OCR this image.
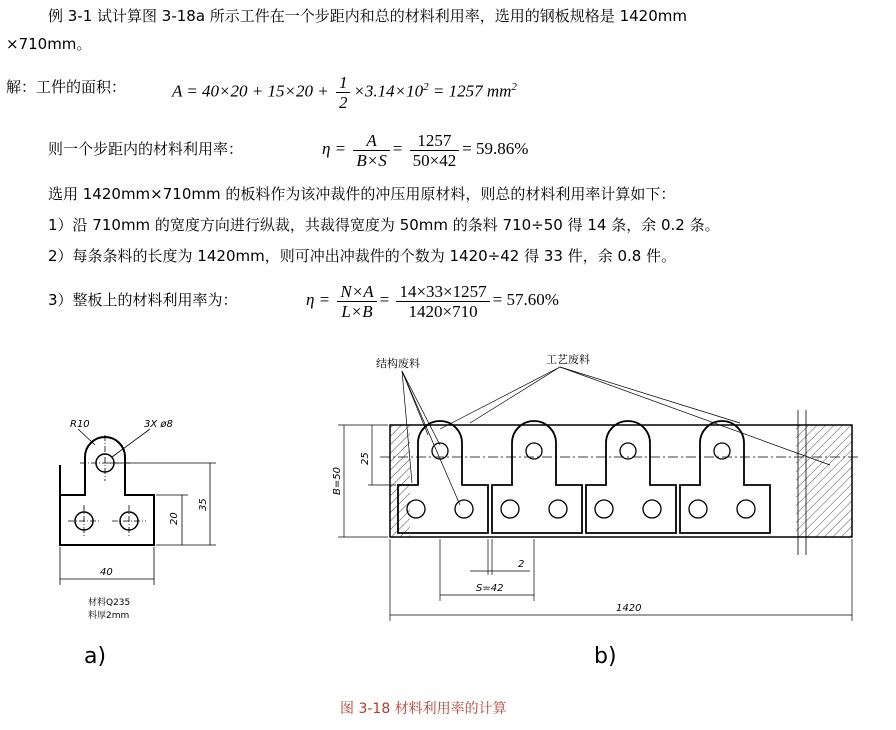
例 3-1 试计算图 3-18a 所示工件在一个步距内和总的材料利用率，选用的钢板规格是 1420mm
×710mm。
解：工件的面积：	$A = 40\times 20 + 15\times 20 + \frac{1}{2} \times 3.14\times 10^2 = 1257$ $mm^2$
则一个步距内的材料利用率：	$\eta = \frac{A}{B\times S} = \frac{1257}{50\times 42} = 59.86\%$
选用 1420mm×710mm 的板料作为该冲裁件的冲压用原材料，则总的材料利用率计算如下：
1）沿 710mm 的宽度方向进行纵裁，共裁得宽度为 50mm 的条料 710÷50 得 14 条，余 0.2 条。
2）每条条料的长度为 1420mm，则可冲出冲裁件的个数为 1420÷42 得 33 件，余 0.8 件。
3）整板上的材料利用率为：	$\eta = \frac{N\times A}{L\times B} = \frac{14\times 33\times 1257}{1420\times 710} = 57.60\%$
R10	3X ø8
40
20
35
材料Q235
料厚2mm
a)
结构废料	工艺废料
B=50
25
2
S=42
1420
b)
图 3-18 材料利用率的计算
